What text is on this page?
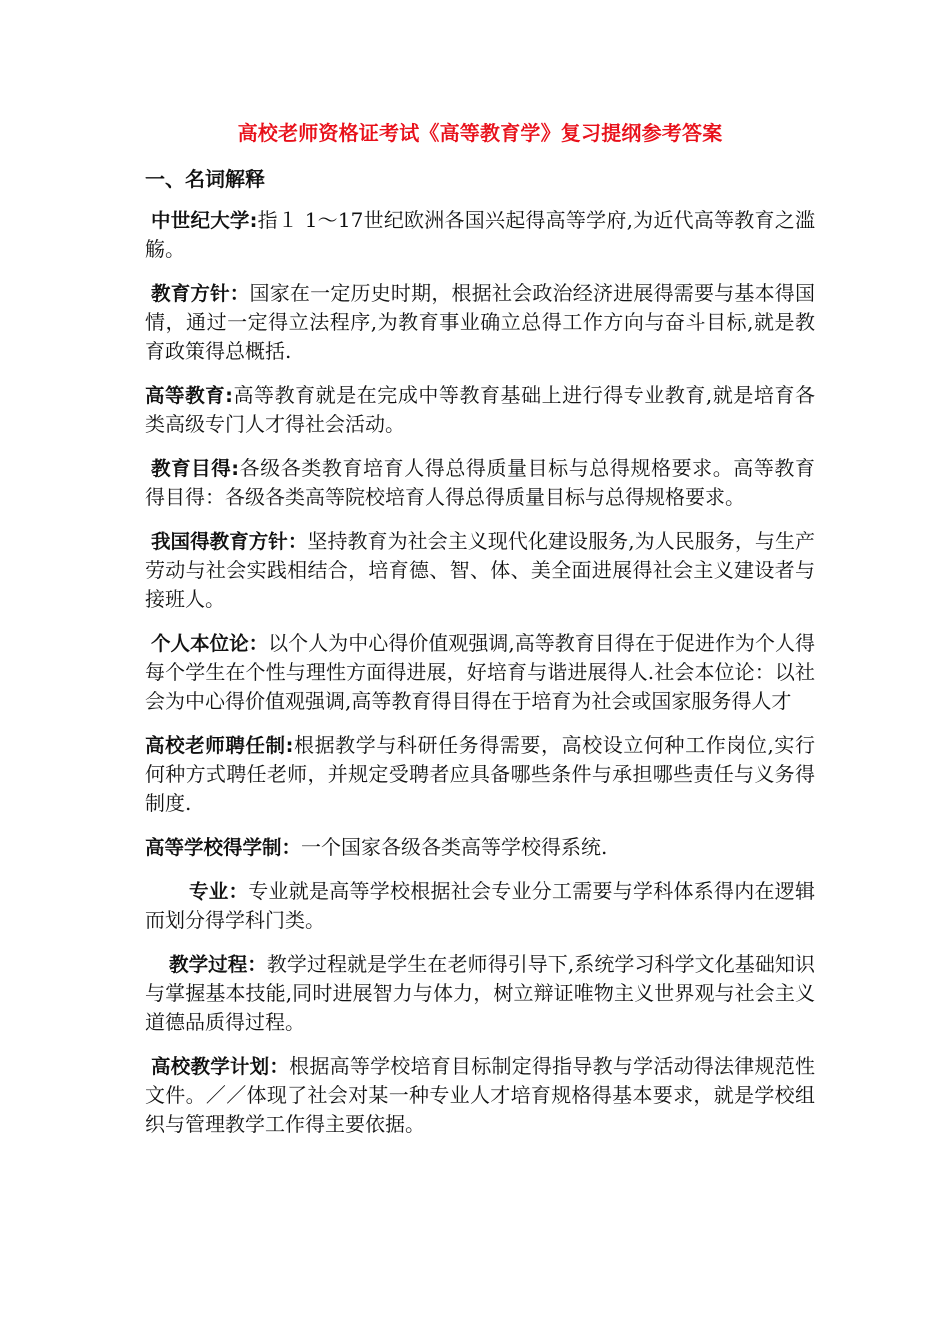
高校老师资格证考试《高等教育学》复习提纲参考答案
一、名词解释

中世纪大学:指１ 1～17世纪欧洲各国兴起得高等学府,为近代高等教育之滥觞。

教育方针：国家在一定历史时期，根据社会政治经济进展得需要与基本得国情，通过一定得立法程序,为教育事业确立总得工作方向与奋斗目标,就是教育政策得总概括.

高等教育:高等教育就是在完成中等教育基础上进行得专业教育,就是培育各类高级专门人才得社会活动。

教育目得:各级各类教育培育人得总得质量目标与总得规格要求。高等教育得目得：各级各类高等院校培育人得总得质量目标与总得规格要求。

我国得教育方针：坚持教育为社会主义现代化建设服务,为人民服务，与生产劳动与社会实践相结合，培育德、智、体、美全面进展得社会主义建设者与接班人。

个人本位论：以个人为中心得价值观强调,高等教育目得在于促进作为个人得每个学生在个性与理性方面得进展，好培育与谐进展得人.社会本位论：以社会为中心得价值观强调,高等教育得目得在于培育为社会或国家服务得人才

高校老师聘任制:根据教学与科研任务得需要，高校设立何种工作岗位,实行何种方式聘任老师，并规定受聘者应具备哪些条件与承担哪些责任与义务得制度.

高等学校得学制：一个国家各级各类高等学校得系统.

专业：专业就是高等学校根据社会专业分工需要与学科体系得内在逻辑而划分得学科门类。

教学过程：教学过程就是学生在老师得引导下,系统学习科学文化基础知识与掌握基本技能,同时进展智力与体力，树立辩证唯物主义世界观与社会主义道德品质得过程。

高校教学计划：根据高等学校培育目标制定得指导教与学活动得法律规范性文件。／／体现了社会对某一种专业人才培育规格得基本要求，就是学校组织与管理教学工作得主要依据。
